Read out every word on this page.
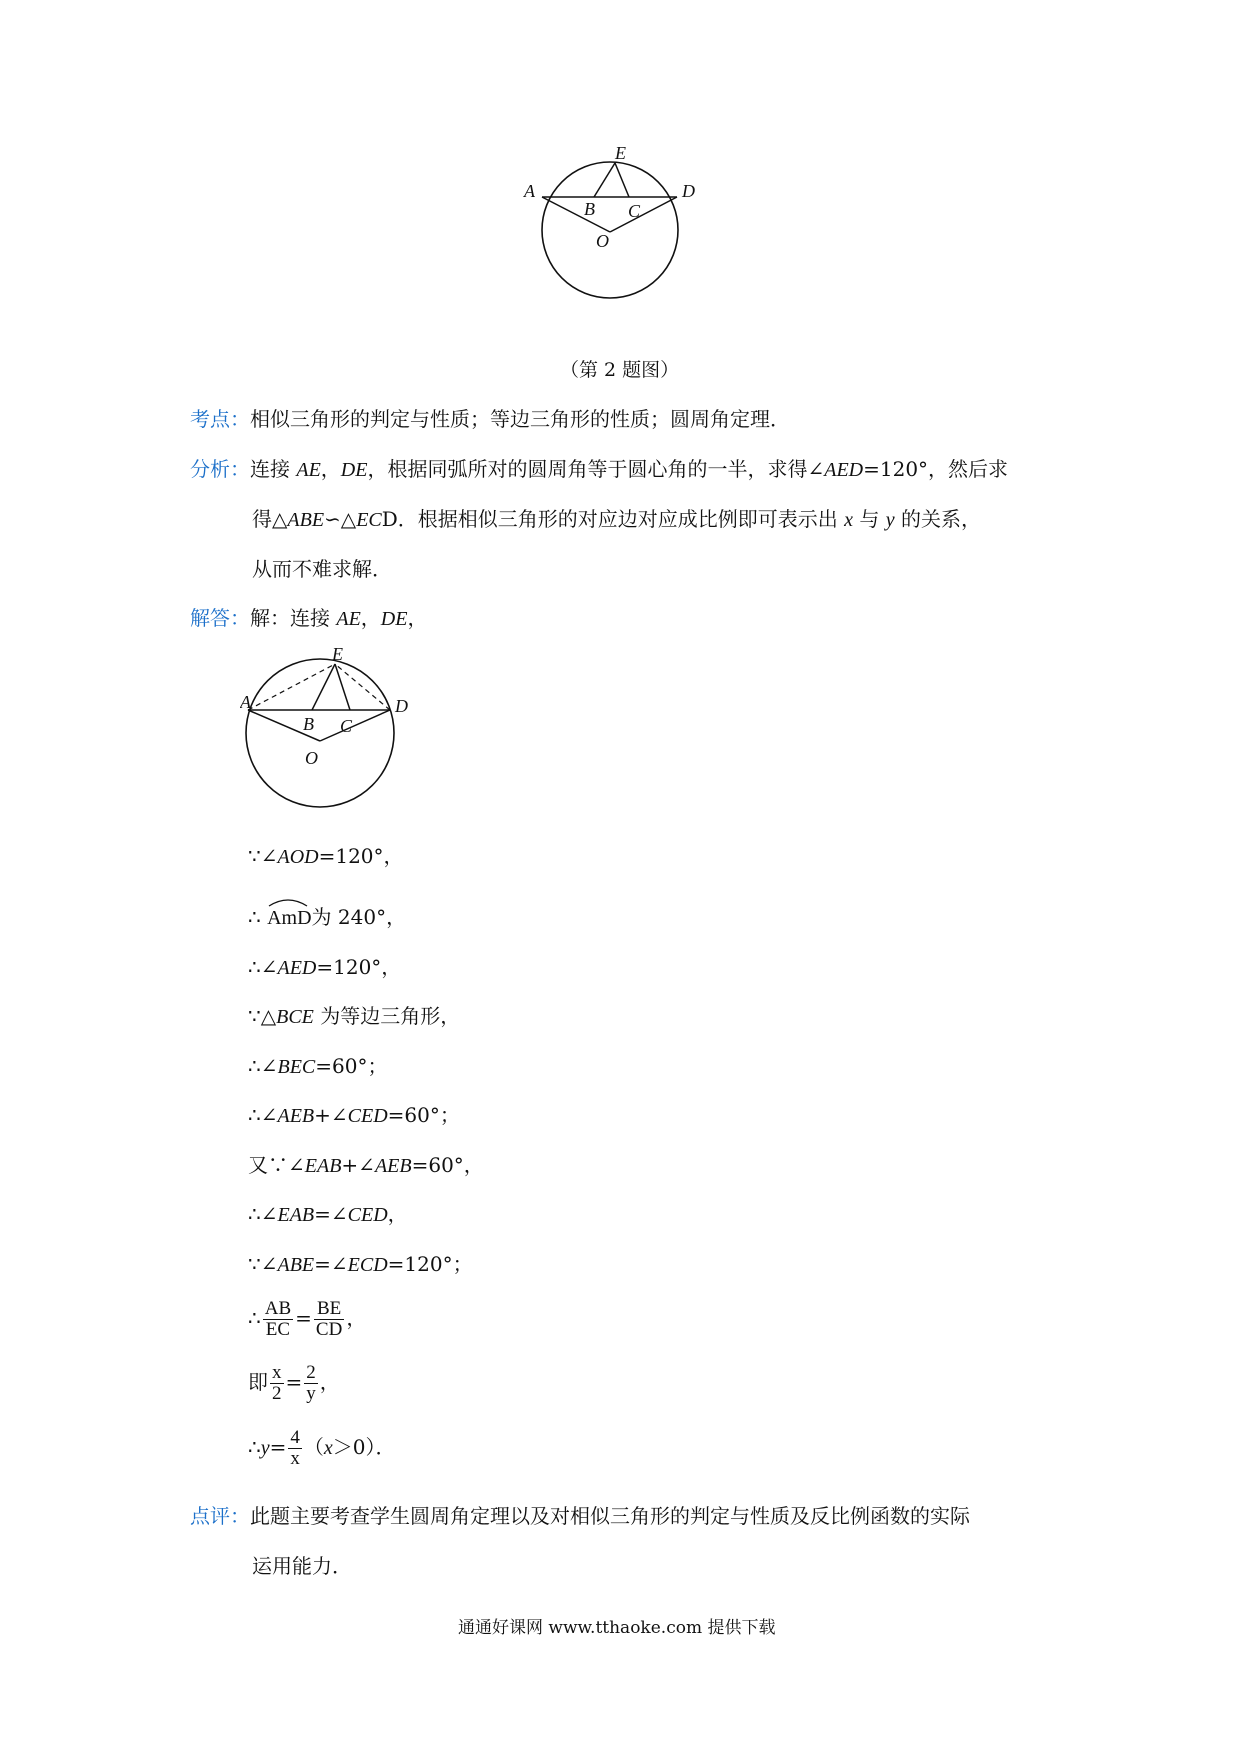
E
A	D
B C
O
（第 2 题图）
考点：相似三角形的判定与性质；等边三角形的性质；圆周角定理．
分析：连接 AE，DE，根据同弧所对的圆周角等于圆心角的一半，求得∠AED=120°，然后求
得△ABE∽△ECD．根据相似三角形的对应边对应成比例即可表示出 x 与 y 的关系，
从而不难求解．
解答：解：连接 AE，DE，
E
A	D
B C
O
∵∠AOD=120°，
∴
AmD为 240°，
∴∠AED=120°，
∵△BCE 为等边三角形，
∴∠BEC=60°；
∴∠AEB+∠CED=60°；
又∵∠EAB+∠AEB=60°，
∴∠EAB=∠CED，
∵∠ABE=∠ECD=120°；
∴ $\frac{AB}{EC} = \frac{BE}{CD}$ ，
即 $\frac{x}{2} = \frac{2}{y}$ ，
∴y= $\frac{4}{x} (x>0)$．
点评：此题主要考查学生圆周角定理以及对相似三角形的判定与性质及反比例函数的实际
运用能力．
通通好课网 www.tthaoke.com 提供下载
